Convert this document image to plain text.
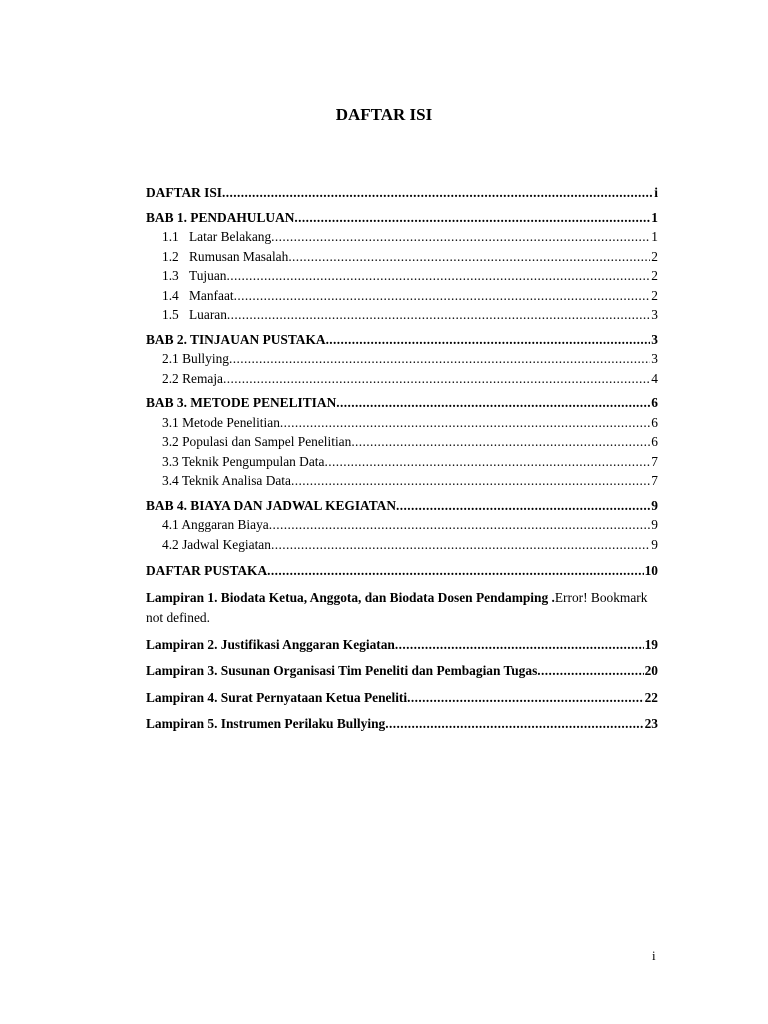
DAFTAR ISI
DAFTAR ISI .....	i
BAB 1. PENDAHULUAN .....	1
1.1 Latar Belakang .....	1
1.2 Rumusan Masalah .....	2
1.3 Tujuan .....	2
1.4 Manfaat .....	2
1.5 Luaran .....	3
BAB 2. TINJAUAN PUSTAKA .....	3
2.1 Bullying .....	3
2.2 Remaja .....	4
BAB 3. METODE PENELITIAN .....	6
3.1 Metode Penelitian .....	6
3.2 Populasi dan Sampel Penelitian .....	6
3.3 Teknik Pengumpulan Data .....	7
3.4 Teknik Analisa Data .....	7
BAB 4. BIAYA DAN JADWAL KEGIATAN .....	9
4.1 Anggaran Biaya .....	9
4.2 Jadwal Kegiatan .....	9
DAFTAR PUSTAKA .....	10
Lampiran 1. Biodata Ketua, Anggota, dan Biodata Dosen Pendamping .Error! Bookmark not defined.
Lampiran 2. Justifikasi Anggaran Kegiatan .....	19
Lampiran 3. Susunan Organisasi Tim Peneliti dan Pembagian Tugas .....	20
Lampiran 4. Surat Pernyataan Ketua Peneliti .....	22
Lampiran 5. Instrumen Perilaku Bullying .....	23
i
